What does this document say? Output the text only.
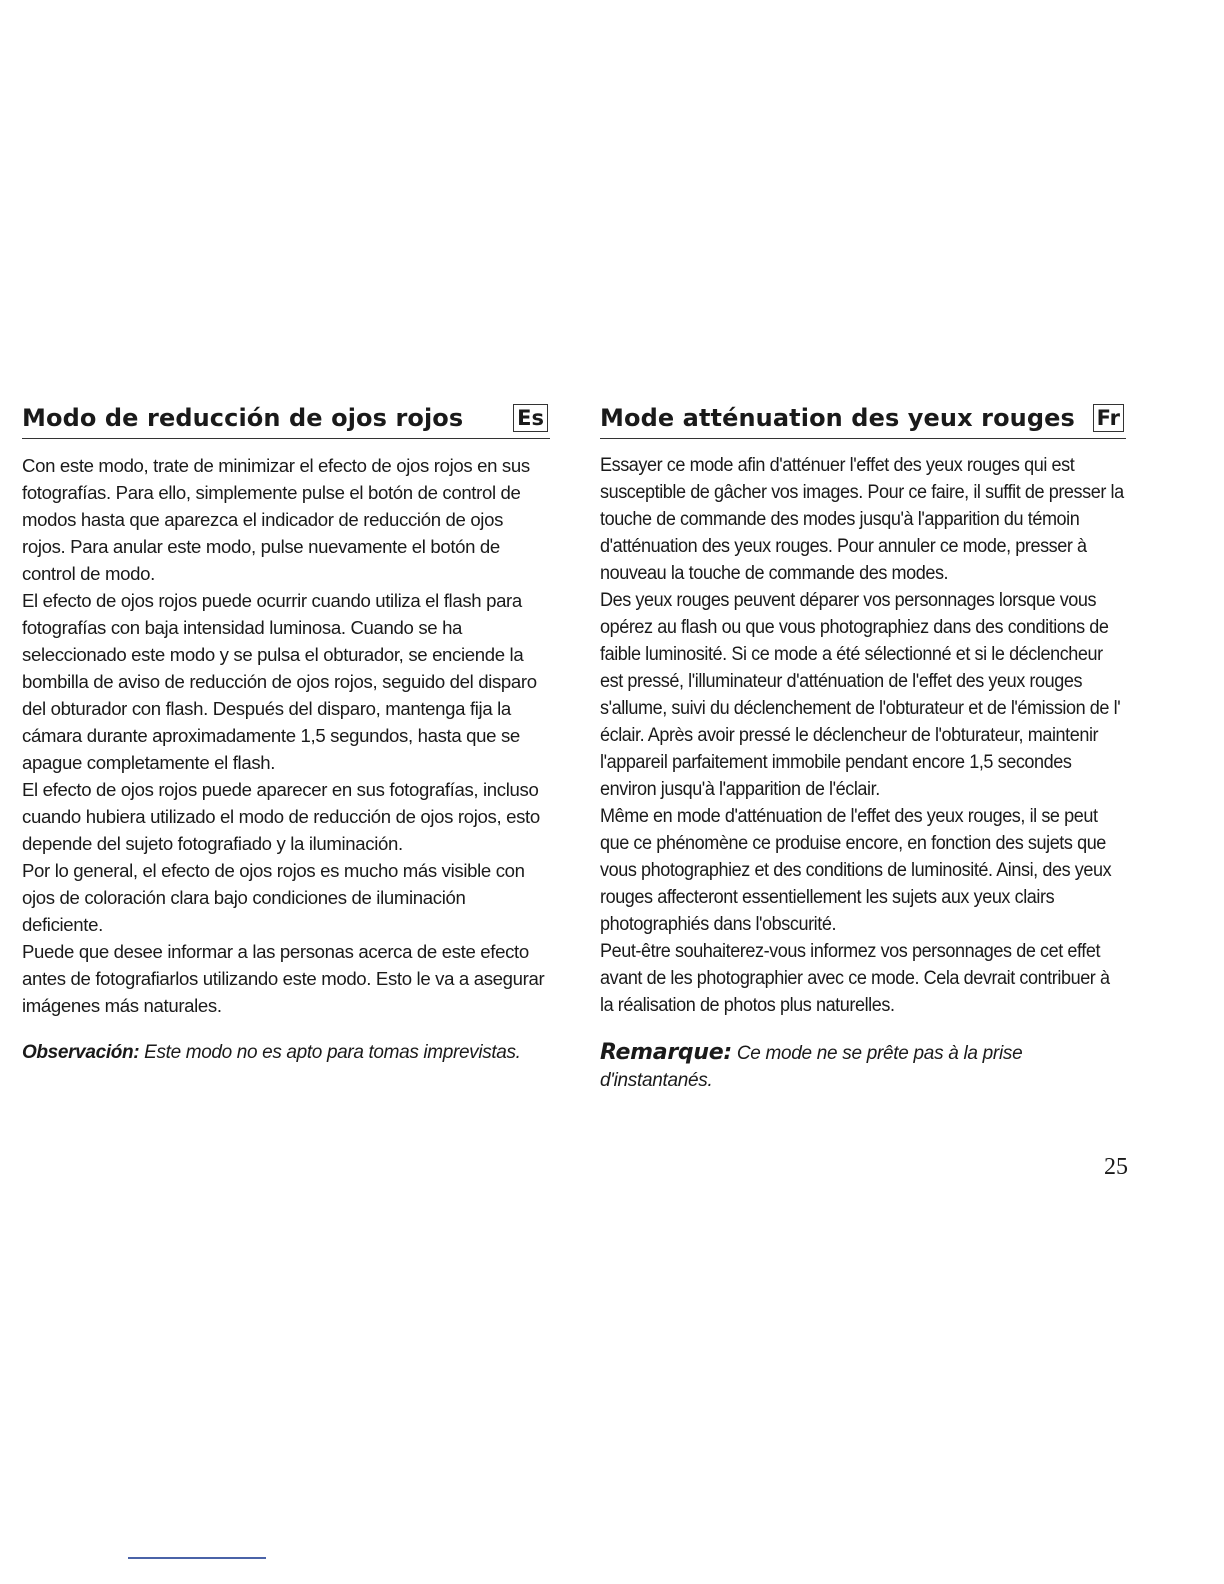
Modo de reducción de ojos rojos	Es

Con este modo, trate de minimizar el efecto de ojos rojos en sus fotografías. Para ello, simplemente pulse el botón de control de modos hasta que aparezca el indicador de reducción de ojos rojos. Para anular este modo, pulse nuevamente el botón de control de modo.

El efecto de ojos rojos puede ocurrir cuando utiliza el flash para fotografías con baja intensidad luminosa. Cuando se ha seleccionado este modo y se pulsa el obturador, se enciende la bombilla de aviso de reducción de ojos rojos, seguido del disparo del obturador con flash. Después del disparo, mantenga fija la cámara durante aproximadamente 1,5 segundos, hasta que se apague completamente el flash.

El efecto de ojos rojos puede aparecer en sus fotografías, incluso cuando hubiera utilizado el modo de reducción de ojos rojos, esto depende del sujeto fotografiado y la iluminación.

Por lo general, el efecto de ojos rojos es mucho más visible con ojos de coloración clara bajo condiciones de iluminación deficiente.

Puede que desee informar a las personas acerca de este efecto antes de fotografiarlos utilizando este modo. Esto le va a asegurar imágenes más naturales.

Observación: Este modo no es apto para tomas imprevistas.
Mode atténuation des yeux rouges Fr

Essayer ce mode afin d'atténuer l'effet des yeux rouges qui est susceptible de gâcher vos images. Pour ce faire, il suffit de presser la touche de commande des modes jusqu'à l'apparition du témoin d'atténuation des yeux rouges. Pour annuler ce mode, presser à nouveau la touche de commande des modes.

Des yeux rouges peuvent déparer vos personnages lorsque vous opérez au flash ou que vous photographiez dans des conditions de faible luminosité. Si ce mode a été sélectionné et si le déclencheur est pressé, l'illuminateur d'atténuation de l'effet des yeux rouges s'allume, suivi du déclenchement de l'obturateur et de l'émission de l' éclair. Après avoir pressé le déclencheur de l'obturateur, maintenir l'appareil parfaitement immobile pendant encore 1,5 secondes environ jusqu'à l'apparition de l'éclair.

Même en mode d'atténuation de l'effet des yeux rouges, il se peut que ce phénomène ce produise encore, en fonction des sujets que vous photographiez et des conditions de luminosité. Ainsi, des yeux rouges affecteront essentiellement les sujets aux yeux clairs photographiés dans l'obscurité.

Peut-être souhaiterez-vous informez vos personnages de cet effet avant de les photographier avec ce mode. Cela devrait contribuer à la réalisation de photos plus naturelles.

Remarque: Ce mode ne se prête pas à la prise d'instantanés.
25
